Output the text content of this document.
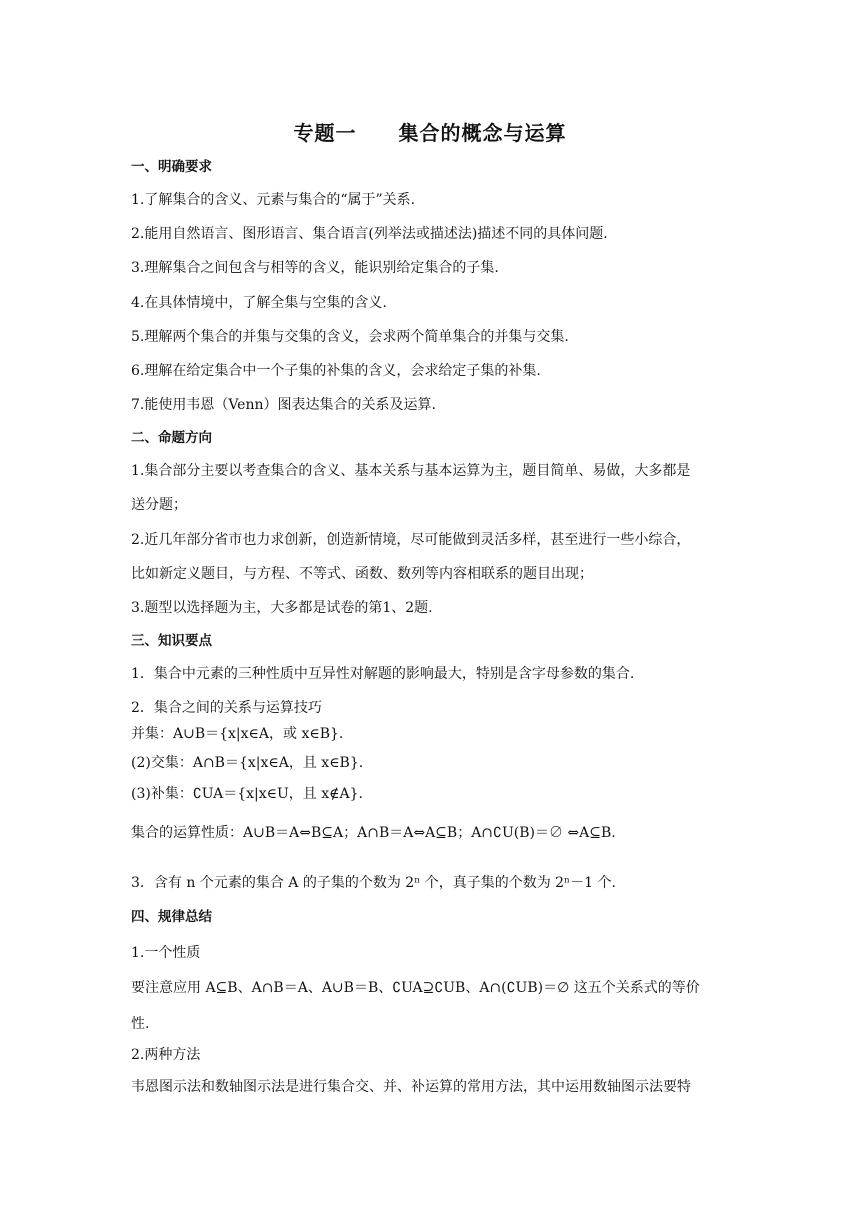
专题一　　集合的概念与运算
一、明确要求
1.了解集合的含义、元素与集合的“属于”关系.
2.能用自然语言、图形语言、集合语言(列举法或描述法)描述不同的具体问题.
3.理解集合之间包含与相等的含义，能识别给定集合的子集.
4.在具体情境中，了解全集与空集的含义.
5.理解两个集合的并集与交集的含义，会求两个简单集合的并集与交集.
6.理解在给定集合中一个子集的补集的含义，会求给定子集的补集.
7.能使用韦恩（Venn）图表达集合的关系及运算.
二、命题方向
1.集合部分主要以考查集合的含义、基本关系与基本运算为主，题目简单、易做，大多都是
送分题；
2.近几年部分省市也力求创新，创造新情境，尽可能做到灵活多样，甚至进行一些小综合，
比如新定义题目，与方程、不等式、函数、数列等内容相联系的题目出现；
3.题型以选择题为主，大多都是试卷的第1、2题.
三、知识要点
1．集合中元素的三种性质中互异性对解题的影响最大，特别是含字母参数的集合.
2．集合之间的关系与运算技巧
并集：A∪B＝{x|x∈A，或 x∈B}.
(2)交集：A∩B＝{x|x∈A，且 x∈B}.
(3)补集：∁UA＝{x|x∈U，且 x∉A}.
集合的运算性质：A∪B＝A⇔B⊆A；A∩B＝A⇔A⊆B；A∩∁U(B)＝∅ ⇔A⊆B.
3．含有 n 个元素的集合 A 的子集的个数为 2ⁿ 个，真子集的个数为 2ⁿ－1 个.
四、规律总结
1.一个性质
要注意应用 A⊆B、A∩B＝A、A∪B＝B、∁UA⊇∁UB、A∩(∁UB)＝∅ 这五个关系式的等价
性.
2.两种方法
韦恩图示法和数轴图示法是进行集合交、并、补运算的常用方法，其中运用数轴图示法要特
